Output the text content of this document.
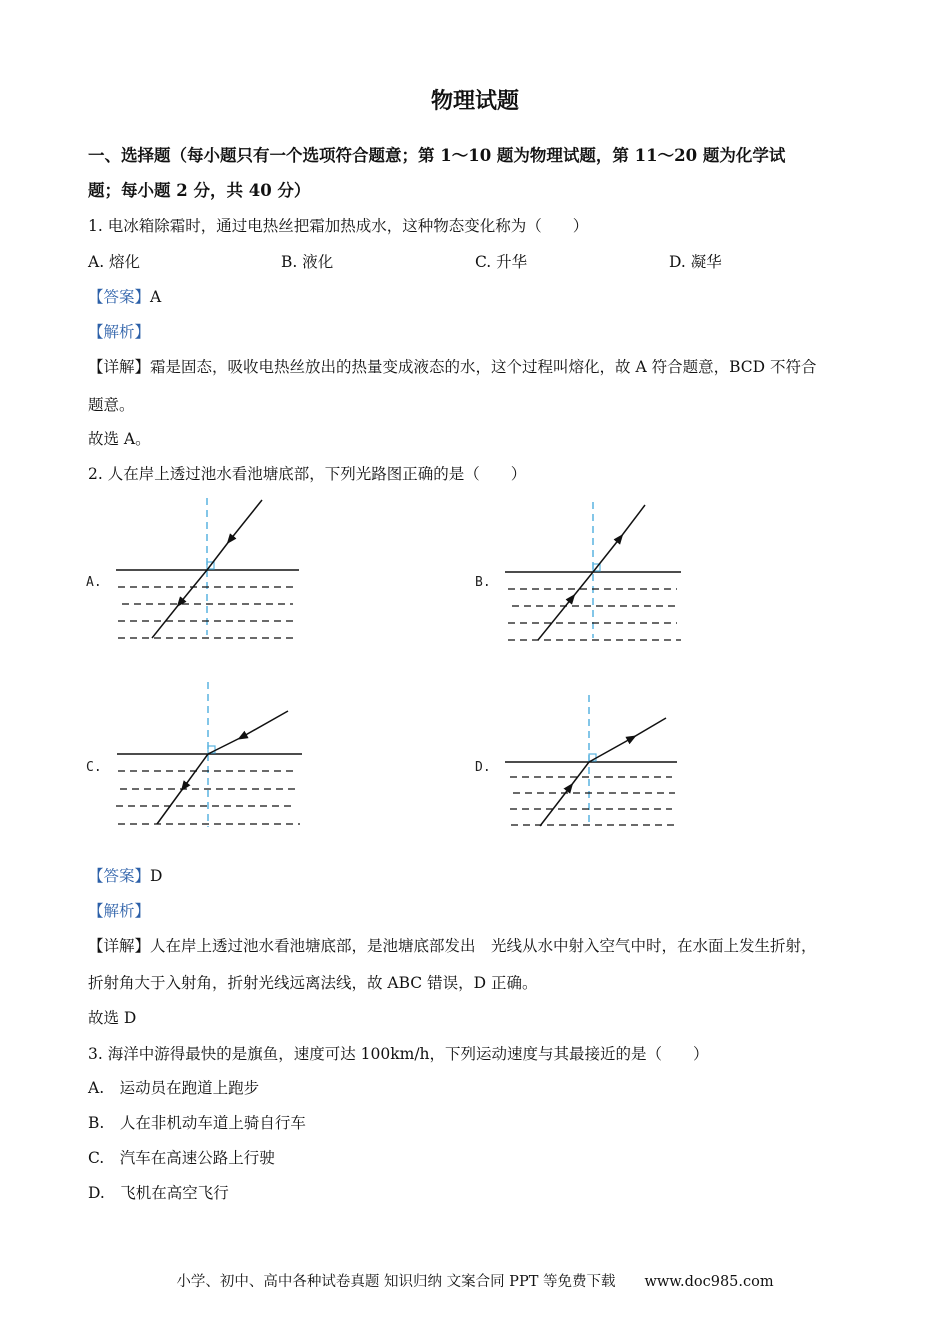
物理试题
一、选择题（每小题只有一个选项符合题意；第 1～10 题为物理试题，第 11～20 题为化学试
题；每小题 2 分，共 40 分）
1. 电冰箱除霜时，通过电热丝把霜加热成水，这种物态变化称为（　　）
A. 熔化	B. 液化	C. 升华	D. 凝华
【答案】A
【解析】
【详解】霜是固态，吸收电热丝放出的热量变成液态的水，这个过程叫熔化，故 A 符合题意，BCD 不符合
题意。
故选 A。
2. 人在岸上透过池水看池塘底部，下列光路图正确的是（　　）
A.	B.
C.	D.
【答案】D
【解析】
【详解】人在岸上透过池水看池塘底部，是池塘底部发出　光线从水中射入空气中时，在水面上发生折射，
折射角大于入射角，折射光线远离法线，故 ABC 错误，D 正确。
故选 D
3. 海洋中游得最快的是旗鱼，速度可达 100km/h，下列运动速度与其最接近的是（　　）
A.　运动员在跑道上跑步
B.　人在非机动车道上骑自行车
C.　汽车在高速公路上行驶
D.　飞机在高空飞行
小学、初中、高中各种试卷真题 知识归纳 文案合同 PPT 等免费下载　　www.doc985.com
